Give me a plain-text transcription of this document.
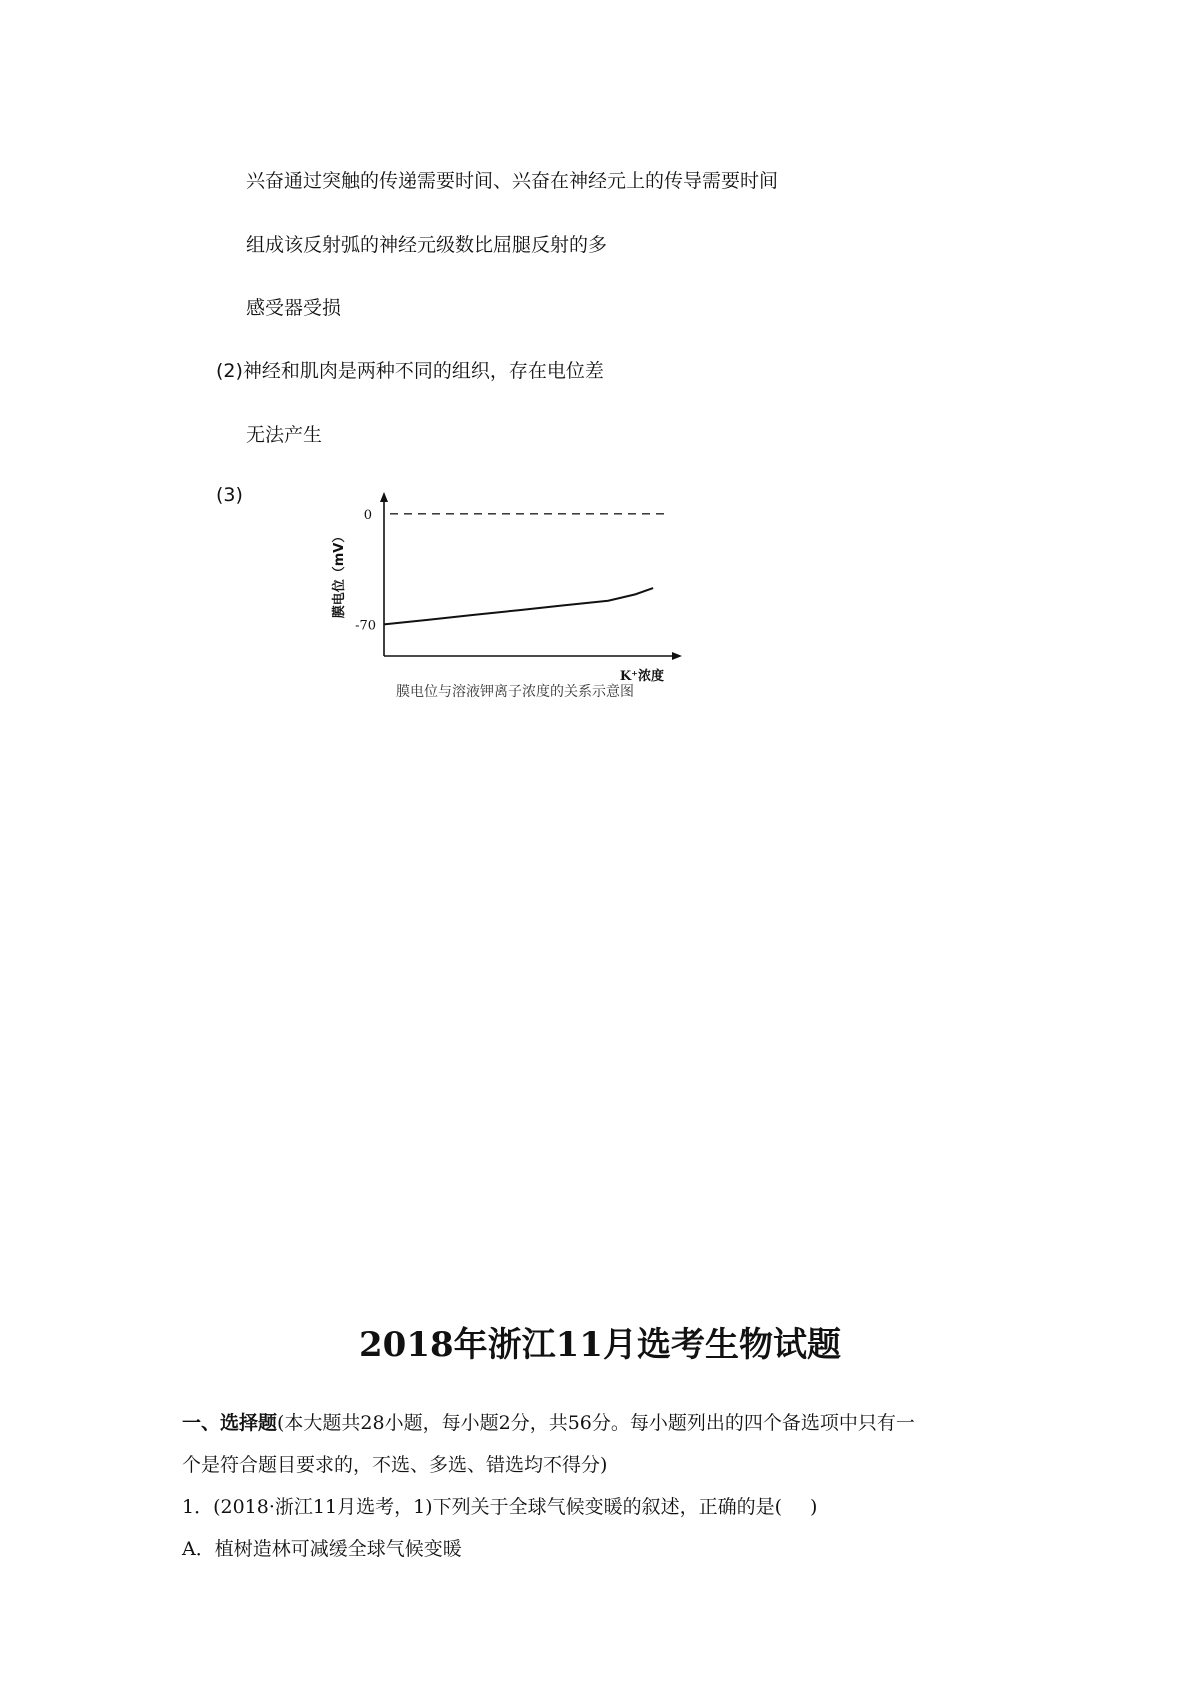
兴奋通过突触的传递需要时间、兴奋在神经元上的传导需要时间
组成该反射弧的神经元级数比屈腿反射的多
感受器受损
(2)神经和肌肉是两种不同的组织，存在电位差
无法产生
(3)
0
-70
膜电位（mV）
K⁺浓度
膜电位与溶液钾离子浓度的关系示意图
2018年浙江11月选考生物试题
一、选择题(本大题共28小题，每小题2分，共56分。每小题列出的四个备选项中只有一
个是符合题目要求的，不选、多选、错选均不得分)
1．(2018·浙江11月选考，1)下列关于全球气候变暖的叙述，正确的是( )
A．植树造林可减缓全球气候变暖
